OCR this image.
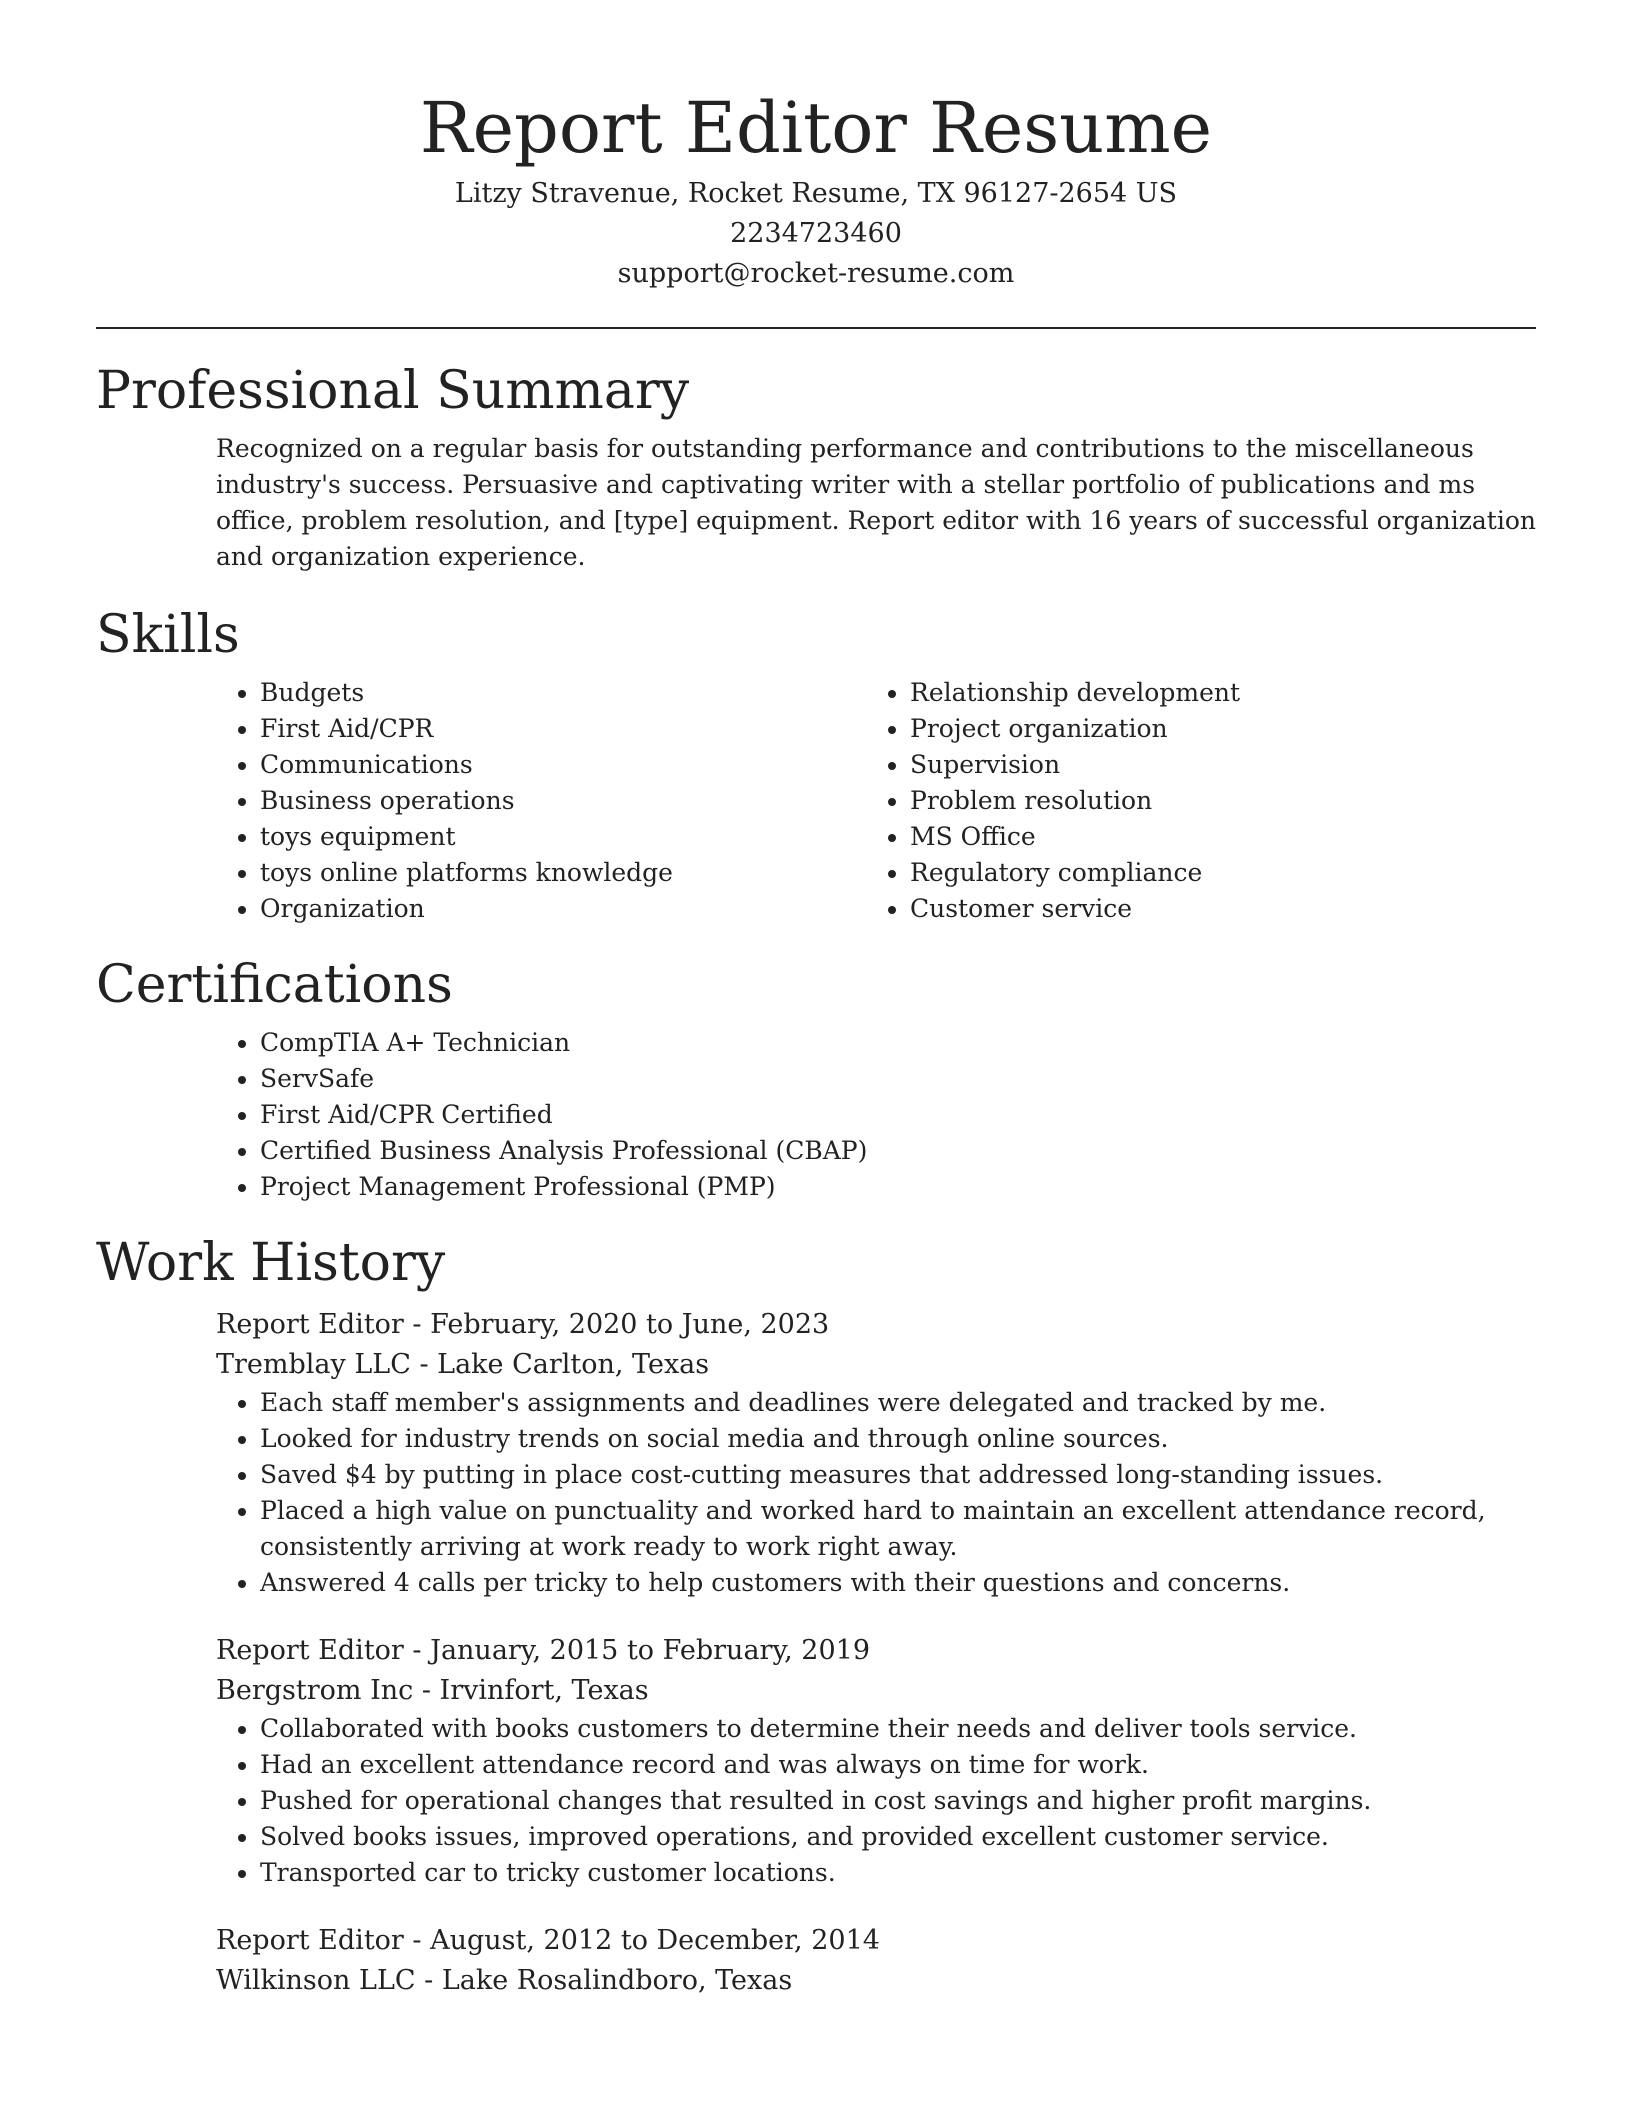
Report Editor Resume
Litzy Stravenue, Rocket Resume, TX 96127-2654 US
2234723460
support@rocket-resume.com
Professional Summary

Recognized on a regular basis for outstanding performance and contributions to the miscellaneous industry's success. Persuasive and captivating writer with a stellar portfolio of publications and ms office, problem resolution, and [type] equipment. Report editor with 16 years of successful organization and organization experience.

Skills
• Budgets
• First Aid/CPR
• Communications
• Business operations
• toys equipment
• toys online platforms knowledge
• Organization
• Relationship development
• Project organization
• Supervision
• Problem resolution
• MS Office
• Regulatory compliance
• Customer service
Certifications
• CompTIA A+ Technician
• ServSafe
• First Aid/CPR Certified
• Certified Business Analysis Professional (CBAP)
• Project Management Professional (PMP)
Work History
Report Editor - February, 2020 to June, 2023
Tremblay LLC - Lake Carlton, Texas
• Each staff member's assignments and deadlines were delegated and tracked by me.
• Looked for industry trends on social media and through online sources.
• Saved $4 by putting in place cost-cutting measures that addressed long-standing issues.
• Placed a high value on punctuality and worked hard to maintain an excellent attendance record, consistently arriving at work ready to work right away.
• Answered 4 calls per tricky to help customers with their questions and concerns.
Report Editor - January, 2015 to February, 2019
Bergstrom Inc - Irvinfort, Texas
• Collaborated with books customers to determine their needs and deliver tools service.
• Had an excellent attendance record and was always on time for work.
• Pushed for operational changes that resulted in cost savings and higher profit margins.
• Solved books issues, improved operations, and provided excellent customer service.
• Transported car to tricky customer locations.
Report Editor - August, 2012 to December, 2014
Wilkinson LLC - Lake Rosalindboro, Texas
